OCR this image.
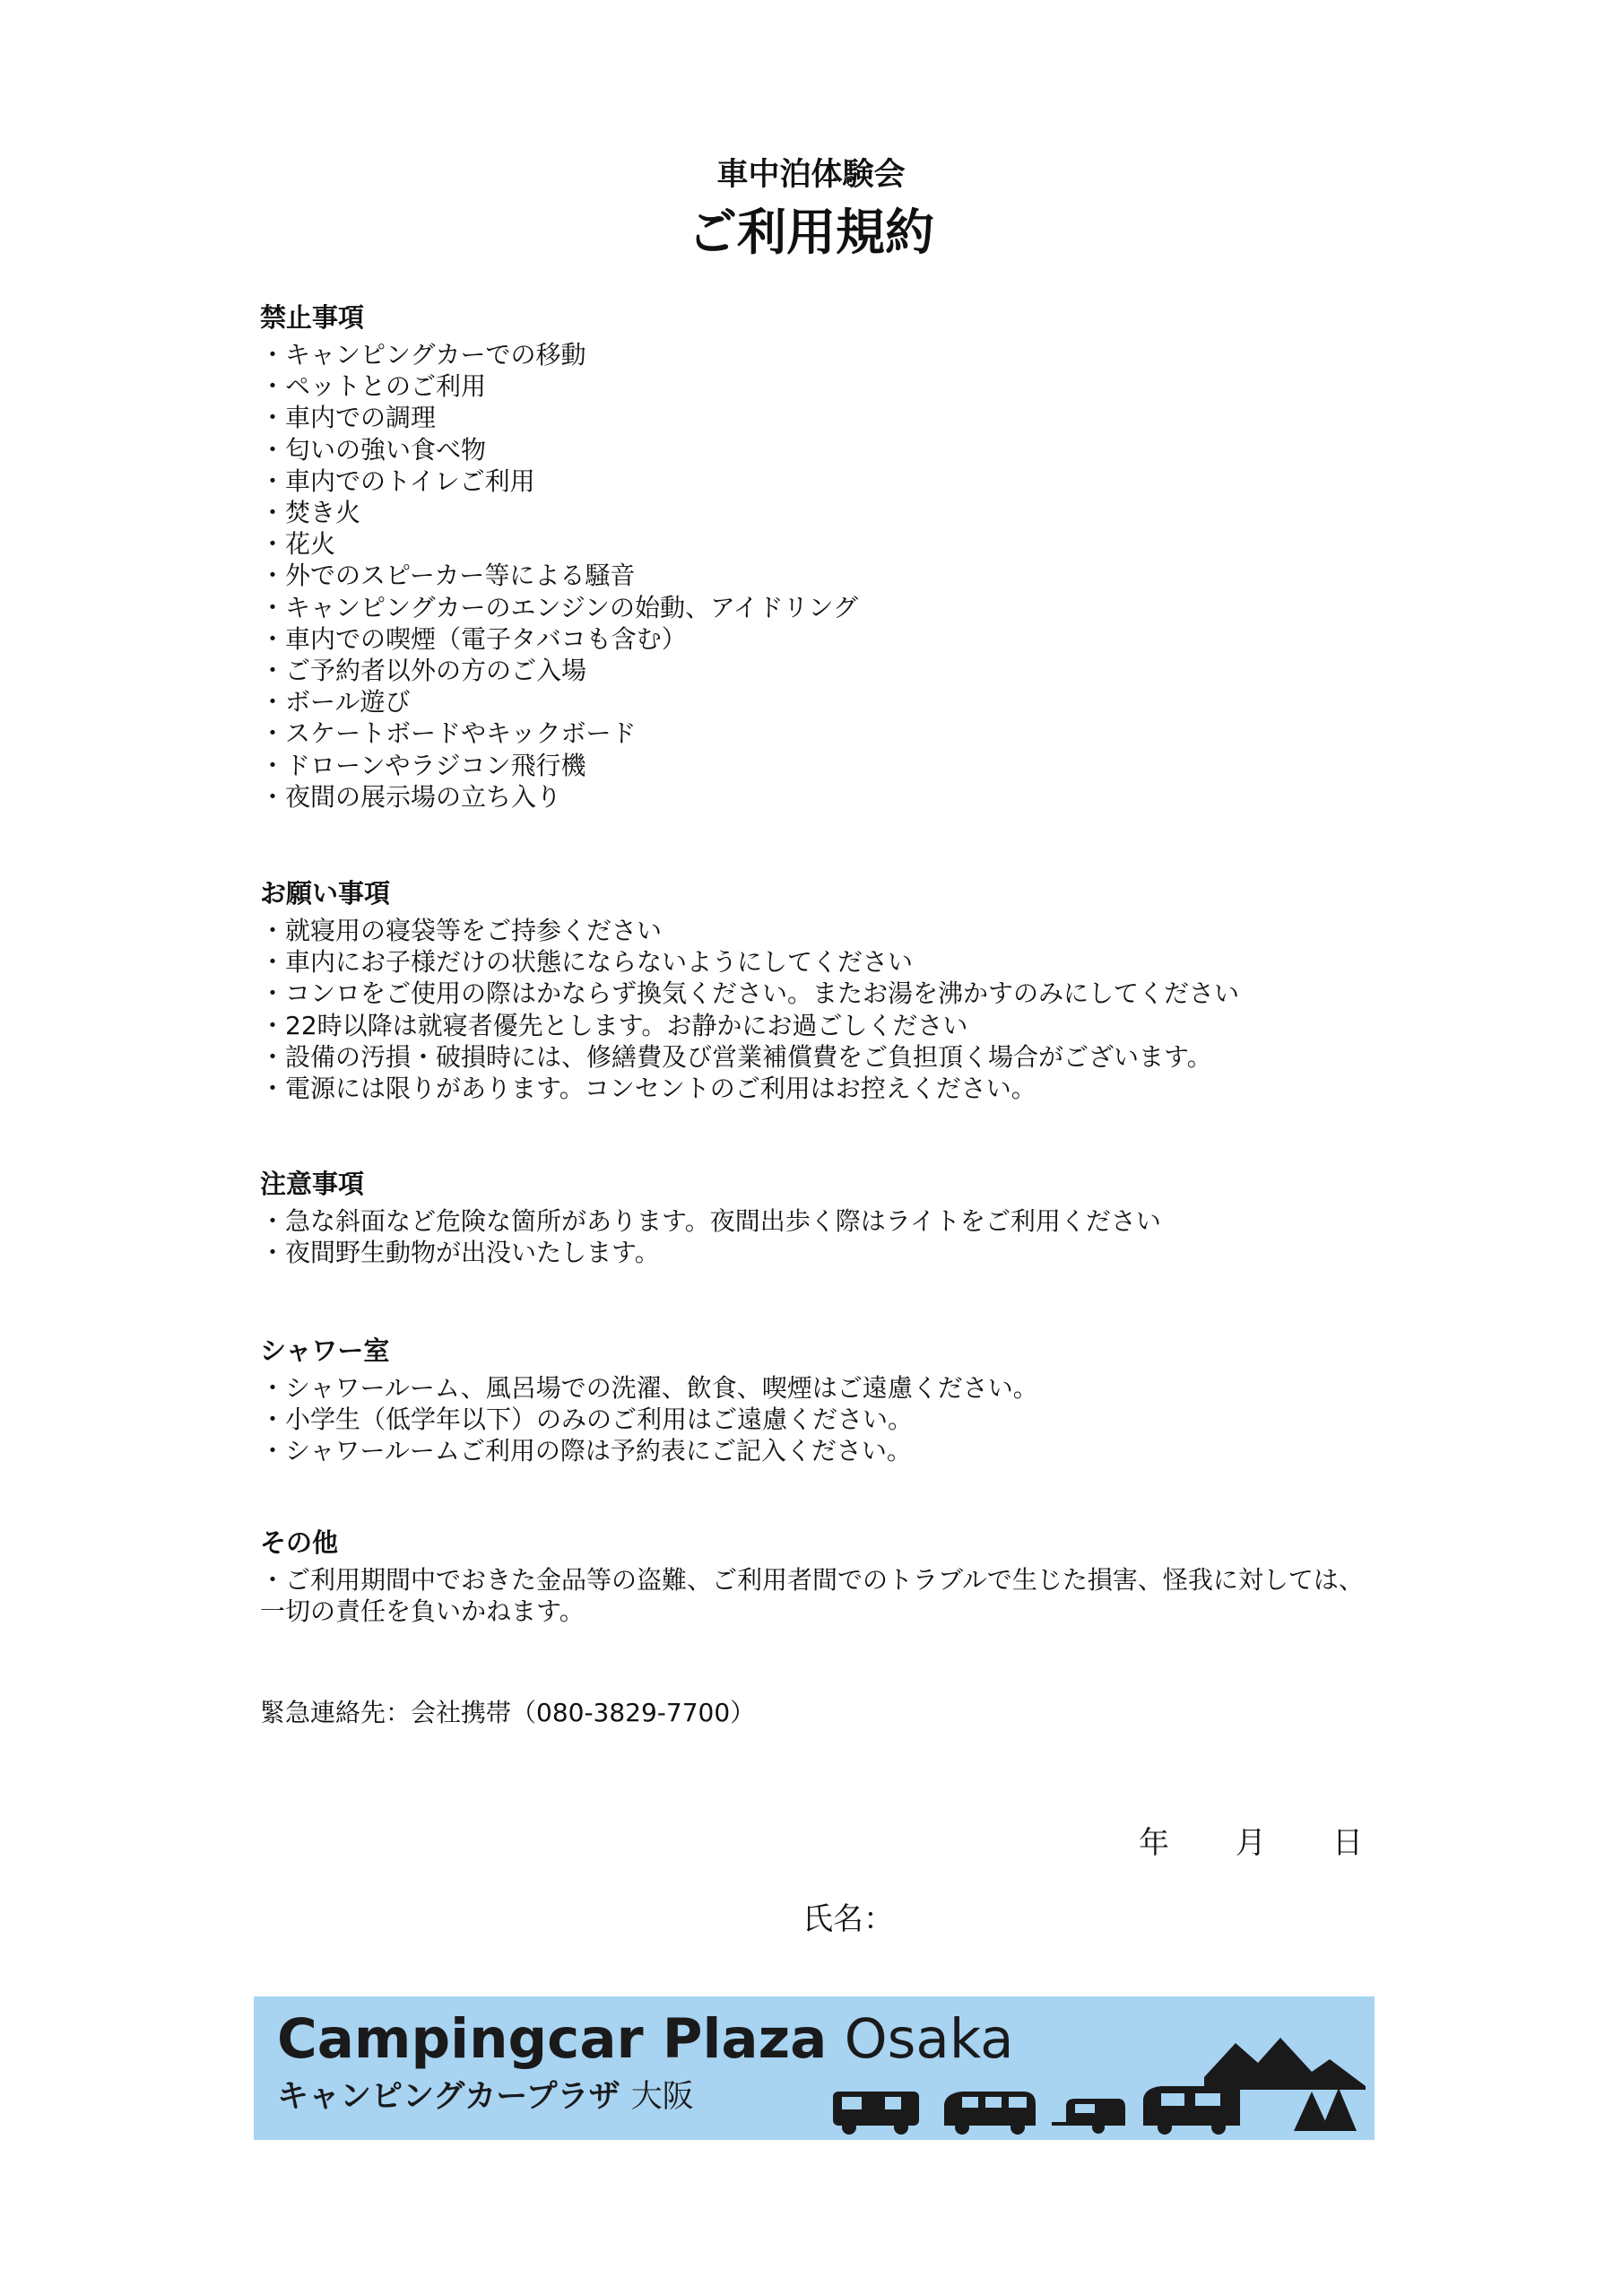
車中泊体験会
ご利用規約
禁止事項
・キャンピングカーでの移動
・ペットとのご利用
・車内での調理
・匂いの強い食べ物
・車内でのトイレご利用
・焚き火
・花火
・外でのスピーカー等による騒音
・キャンピングカーのエンジンの始動、アイドリング
・車内での喫煙（電子タバコも含む）
・ご予約者以外の方のご入場
・ボール遊び
・スケートボードやキックボード
・ドローンやラジコン飛行機
・夜間の展示場の立ち入り
お願い事項
・就寝用の寝袋等をご持参ください
・車内にお子様だけの状態にならないようにしてください
・コンロをご使用の際はかならず換気ください。またお湯を沸かすのみにしてください
・22時以降は就寝者優先とします。お静かにお過ごしください
・設備の汚損・破損時には、修繕費及び営業補償費をご負担頂く場合がございます。
・電源には限りがあります。コンセントのご利用はお控えください。
注意事項
・急な斜面など危険な箇所があります。夜間出歩く際はライトをご利用ください
・夜間野生動物が出没いたします。
シャワー室
・シャワールーム、風呂場での洗濯、飲食、喫煙はご遠慮ください。
・小学生（低学年以下）のみのご利用はご遠慮ください。
・シャワールームご利用の際は予約表にご記入ください。
その他
・ご利用期間中でおきた金品等の盗難、ご利用者間でのトラブルで生じた損害、怪我に対しては、一切の責任を負いかねます。
緊急連絡先：会社携帯（080-3829-7700）
年 月 日
氏名：
Campingcar Plaza Osaka
キャンピングカープラザ 大阪
